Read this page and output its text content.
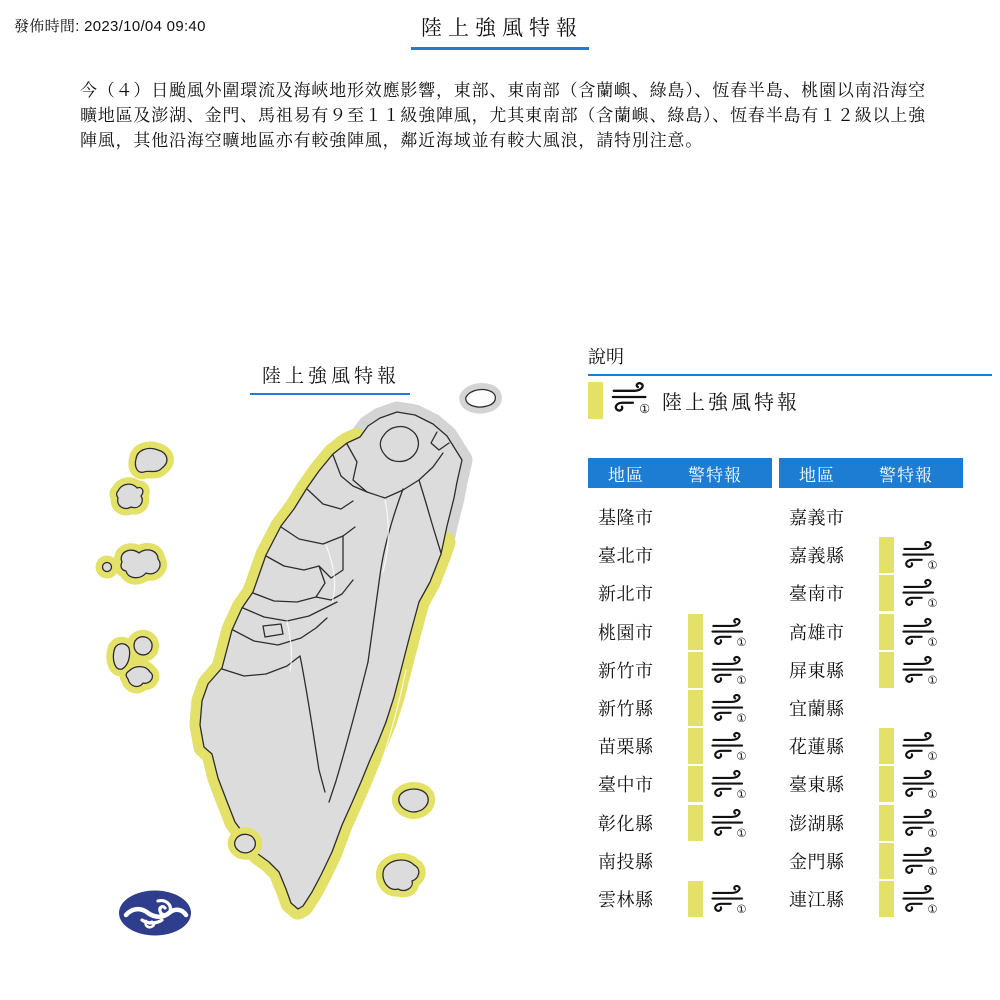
發佈時間: 2023/10/04 09:40	陸上強風特報
今（４）日颱風外圍環流及海峽地形效應影響，東部、東南部（含蘭嶼、綠島）、恆春半島、桃園以南沿海空曠地區及澎湖、金門、馬祖易有９至１１級強陣風，尤其東南部（含蘭嶼、綠島）、恆春半島有１２級以上強陣風，其他沿海空曠地區亦有較強陣風，鄰近海域並有較大風浪，請特別注意。
陸上強風特報
說明
① 陸上強風特報
地區	警特報
基隆市
臺北市
新北市
桃園市	①
新竹市	①
新竹縣	①
苗栗縣	①
臺中市	①
彰化縣	①
南投縣
雲林縣	①
地區	警特報
嘉義市
嘉義縣	①
臺南市	①
高雄市	①
屏東縣	①
宜蘭縣
花蓮縣	①
臺東縣	①
澎湖縣	①
金門縣	①
連江縣	①
